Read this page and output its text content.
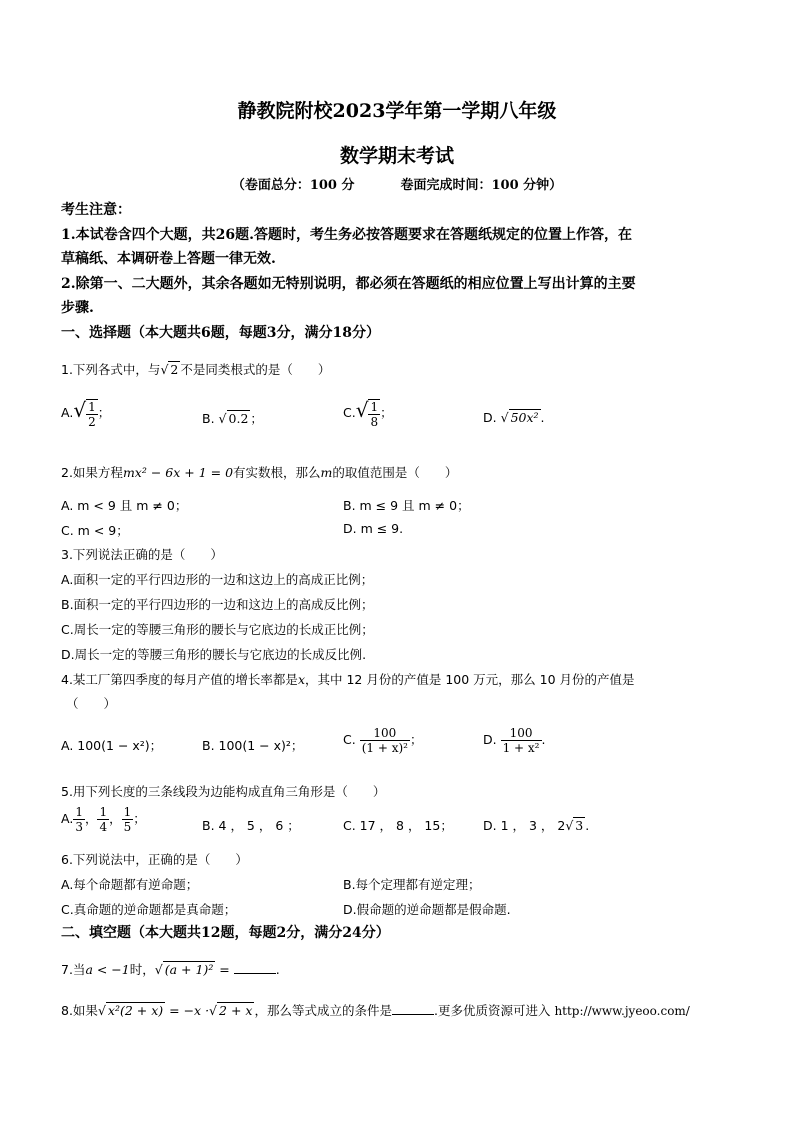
静教院附校2023学年第一学期八年级
数学期末考试
（卷面总分：100 分	卷面完成时间：100 分钟）
考生注意：
1.本试卷含四个大题，共26题.答题时，考生务必按答题要求在答题纸规定的位置上作答，在
草稿纸、本调研卷上答题一律无效.
2.除第一、二大题外，其余各题如无特别说明，都必须在答题纸的相应位置上写出计算的主要
步骤.
一、选择题（本大题共6题，每题3分，满分18分）
1.下列各式中，与√ 2 不是同类根式的是（　　）
$A.√ \frac{1}{2}$ ；	B. √ 0.2 ；	$C.√ \frac{1}{8}$ ；	D. √ 50x² .
2.如果方程mx² − 6x + 1 = 0有实数根，那么m的取值范围是（　　）
A. m < 9 且 m ≠ 0；	B. m ≤ 9 且 m ≠ 0；
C. m < 9；	D. m ≤ 9.
3.下列说法正确的是（　　）
A.面积一定的平行四边形的一边和这边上的高成正比例；
B.面积一定的平行四边形的一边和这边上的高成反比例；
C.周长一定的等腰三角形的腰长与它底边的长成正比例；
D.周长一定的等腰三角形的腰长与它底边的长成反比例.
4.某工厂第四季度的每月产值的增长率都是x，其中 12 月份的产值是 100 万元，那么 10 月份的产值是
（　　）
A. 100(1 − x²)；	B. 100(1 − x)²；	C. $\frac{100}{\text{(1 + x)²}}$ ；	D. $\frac{100}{\text{1 + x²}}$ .
5.用下列长度的三条线段为边能构成直角三角形是（　　）
A. $\frac{1}{3}$ ， $\frac{1}{4}$ ， $\frac{1}{5}$ ；	B. 4 ， 5 ， 6 ；	C. 17 ， 8 ， 15； D. 1 ， 3 ， 2√ 3 .
6.下列说法中，正确的是（　　）
A.每个命题都有逆命题；	B.每个定理都有逆定理；
C.真命题的逆命题都是真命题；	D.假命题的逆命题都是假命题.
二、填空题（本大题共12题，每题2分，满分24分）
7.当a < −1时，√ (a + 1)² =	.
8.如果√ x²(2 + x) = −x ·√ 2 + x ，那么等式成立的条件是	.更多优质资源可进入 http://www.jyeoo.com/
